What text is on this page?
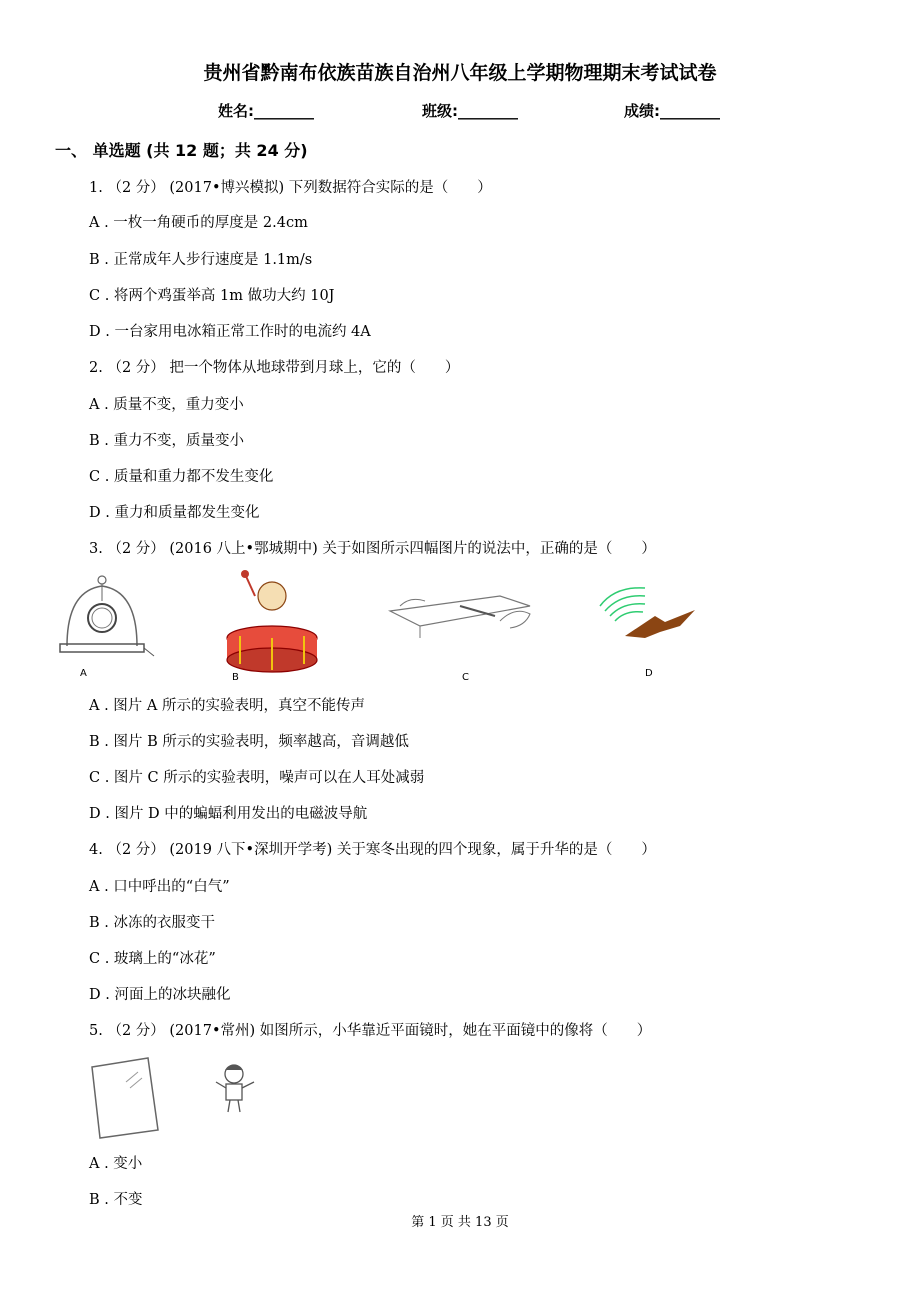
贵州省黔南布依族苗族自治州八年级上学期物理期末考试试卷
姓名:________	班级:________	成绩:________
一、 单选题 (共 12 题；共 24 分)
1. （2 分） (2017•博兴模拟) 下列数据符合实际的是（　　）
A . 一枚一角硬币的厚度是 2.4cm
B . 正常成年人步行速度是 1.1m/s
C . 将两个鸡蛋举高 1m 做功大约 10J
D . 一台家用电冰箱正常工作时的电流约 4A
2. （2 分） 把一个物体从地球带到月球上，它的（　　）
A . 质量不变，重力变小
B . 重力不变，质量变小
C . 质量和重力都不发生变化
D . 重力和质量都发生变化
3. （2 分） (2016 八上•鄂城期中) 关于如图所示四幅图片的说法中，正确的是（　　）
A	B	C	D
A . 图片 A 所示的实验表明，真空不能传声
B . 图片 B 所示的实验表明，频率越高，音调越低
C . 图片 C 所示的实验表明，噪声可以在人耳处减弱
D . 图片 D 中的蝙蝠利用发出的电磁波导航
4. （2 分） (2019 八下•深圳开学考) 关于寒冬出现的四个现象，属于升华的是（　　）
A . 口中呼出的“白气”
B . 冰冻的衣服变干
C . 玻璃上的“冰花”
D . 河面上的冰块融化
5. （2 分） (2017•常州) 如图所示，小华靠近平面镜时，她在平面镜中的像将（　　）
A . 变小
B . 不变
第 1 页 共 13 页
